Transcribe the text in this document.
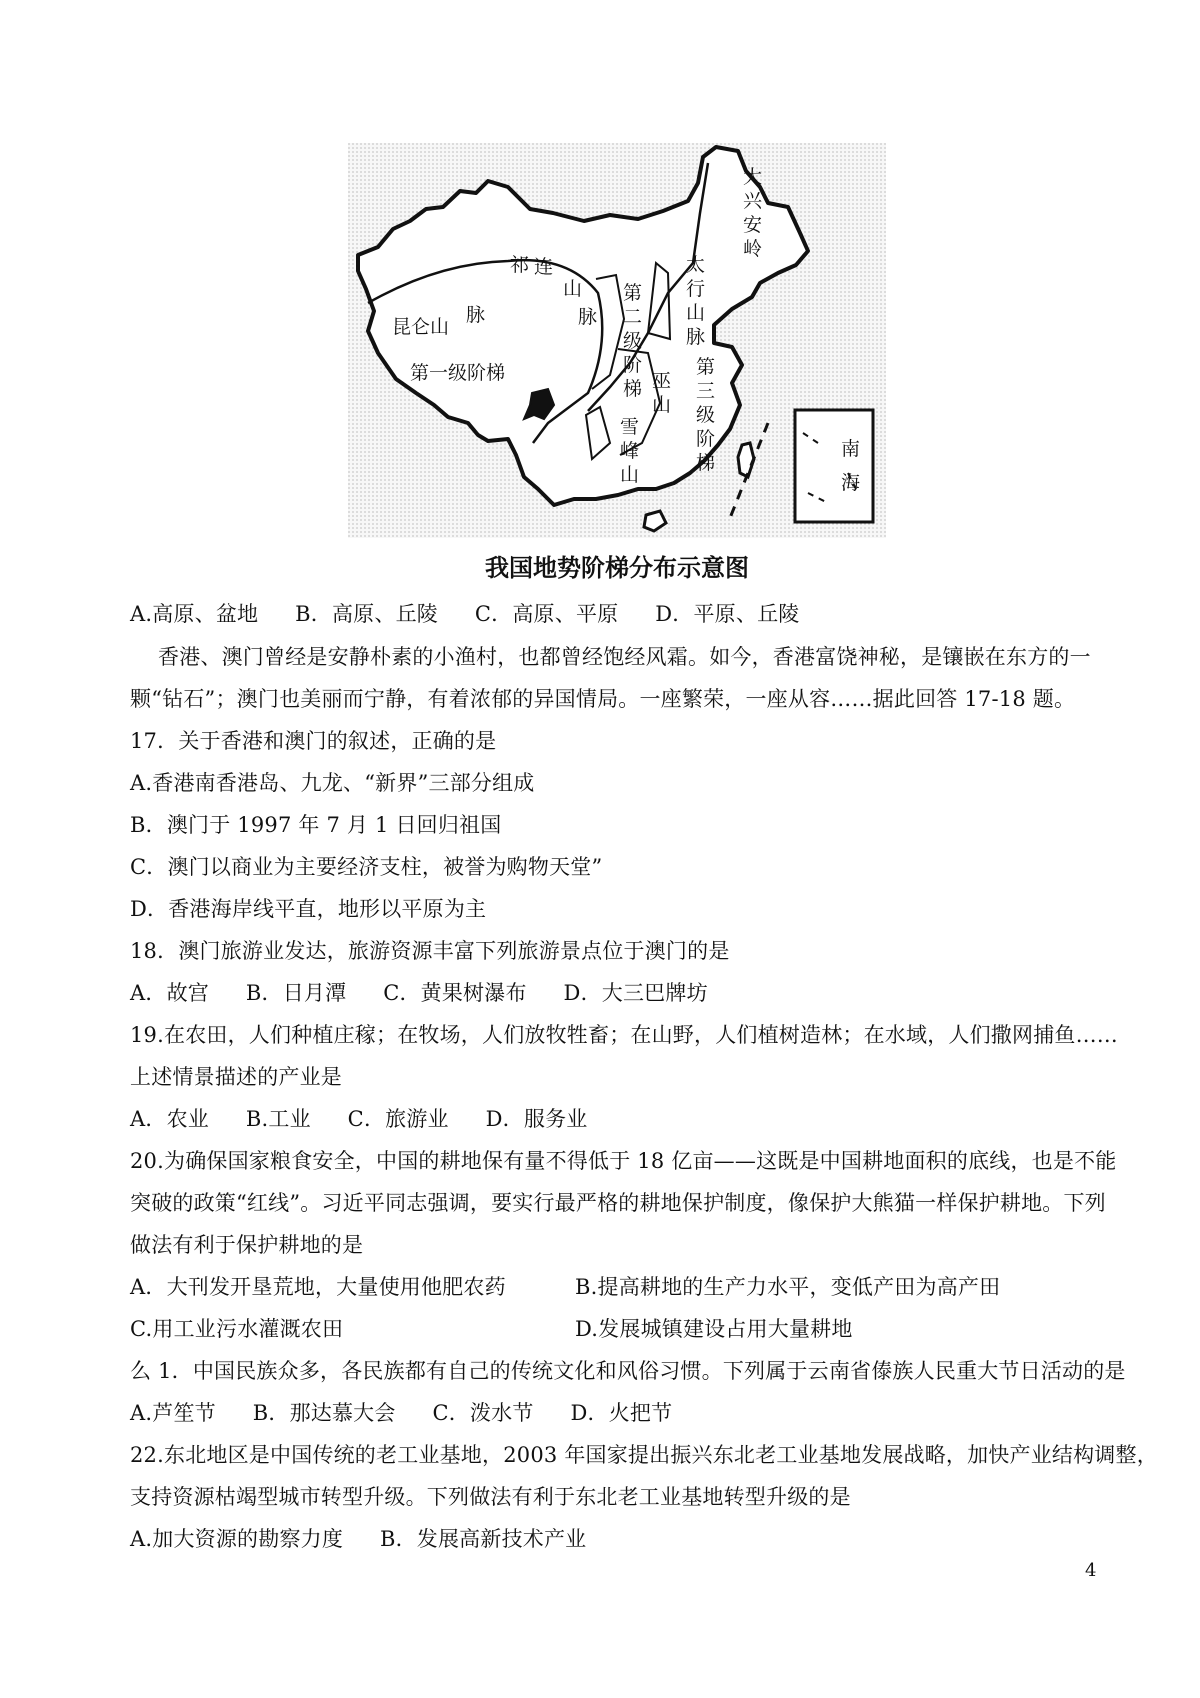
大
兴
安
岭
祁 连
山
脉
昆仑山
脉
太
行
山
脉
第
二
级
阶
梯
第一级阶梯	第
三
级
阶
梯
巫
山
雪
峰
山
南
海
我国地势阶梯分布示意图
A.高原、盆地 B．高原、丘陵 C．高原、平原 D．平原、丘陵
香港、澳门曾经是安静朴素的小渔村，也都曾经饱经风霜。如今，香港富饶神秘，是镶嵌在东方的一
颗“钻石”；澳门也美丽而宁静，有着浓郁的异国情局。一座繁荣，一座从容……据此回答 17-18 题。
17．关于香港和澳门的叙述，正确的是
A.香港南香港岛、九龙、“新界”三部分组成
B．澳门于 1997 年 7 月 1 日回归祖国
C．澳门以商业为主要经济支柱，被誉为购物天堂”
D．香港海岸线平直，地形以平原为主
18．澳门旅游业发达，旅游资源丰富下列旅游景点位于澳门的是
A．故宫 B．日月潭 C．黄果树瀑布 D．大三巴牌坊
19.在农田，人们种植庄稼；在牧场，人们放牧牲畜；在山野，人们植树造林；在水域，人们撒网捕鱼……
上述情景描述的产业是
A．农业 B.工业 C．旅游业 D．服务业
20.为确保国家粮食安全，中国的耕地保有量不得低于 18 亿亩——这既是中国耕地面积的底线，也是不能
突破的政策“红线”。习近平同志强调，要实行最严格的耕地保护制度，像保护大熊猫一样保护耕地。下列
做法有利于保护耕地的是
A．大刊发开垦荒地，大量使用他肥农药	B.提高耕地的生产力水平，变低产田为高产田
C.用工业污水灌溉农田	D.发展城镇建设占用大量耕地
么 1．中国民族众多，各民族都有自己的传统文化和风俗习惯。下列属于云南省傣族人民重大节日活动的是
A.芦笙节 B．那达慕大会 C．泼水节 D．火把节
22.东北地区是中国传统的老工业基地，2003 年国家提出振兴东北老工业基地发展战略，加快产业结构调整，
支持资源枯竭型城市转型升级。下列做法有利于东北老工业基地转型升级的是
A.加大资源的勘察力度 B．发展高新技术产业
4
